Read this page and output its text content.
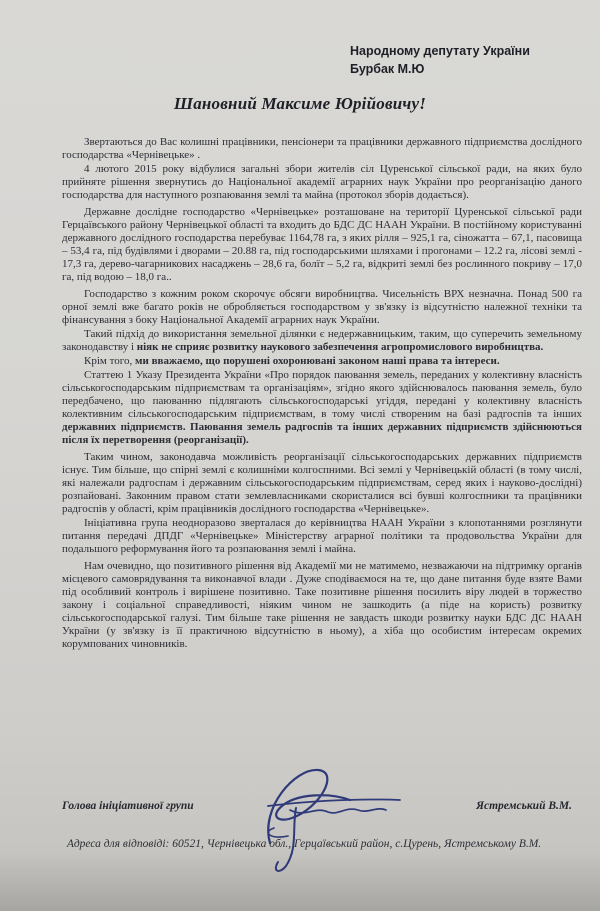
Народному депутату України
Бурбак М.Ю
Шановний Максиме Юрійовичу!

Звертаються до Вас колишні працівники, пенсіонери та працівники державного підприємства дослідного господарства «Чернівецьке» .

4 лютого 2015 року відбулися загальні збори жителів сіл Цуренської сільської ради, на яких було прийняте рішення звернутись до Національної академії аграрних наук України про реорганізацію даного господарства для наступного розпаювання землі та майна (протокол зборів додається).

Державне дослідне господарство «Чернівецьке» розташоване на території Цуренської сільської ради Герцаївського району Чернівецької області та входить до БДС ДС НААН України. В постійному користуванні державного дослідного господарства перебуває 1164,78 га, з яких рілля – 925,1 га, сіножатта – 67,1, пасовища – 53,4 га, під будівлями і дворами – 20.88 га, під господарськими шляхами і прогонами – 12.2 га, лісові землі - 17,3 га, дерево-чагарникових насаджень – 28,6 га, болїт – 5,2 га, відкриті землі без рослинного покриву – 17,0 га, під водою – 18,0 га..

Господарство з кожним роком скорочує обсяги виробництва. Чисельність ВРХ незначна. Понад 500 га орної землі вже багато років не обробляється господарством у зв'язку із відсутністю належної техніки та фінансування з боку Національної Академії аграрних наук України.

Такий підхід до використання земельної ділянки є недержавницьким, таким, що суперечить земельному законодавству і ніяк не сприяє розвитку наукового забезпечення агропромислового виробництва.

Крім того, ми вважаємо, що порушені охоронювані законом наші права та інтереси.

Статтею 1 Указу Президента України «Про порядок паювання земель, переданих у колективну власність сільськогосподарським підприємствам та організаціям», згідно якого здійснювалось паювання земель, було передбачено, що паюванню підлягають сільськогосподарські угіддя, передані у колективну власність колективним сільськогосподарським підприємствам, в тому числі створеним на базі радгоспів та інших державних підприємств. Паювання земель радгоспів та інших державних підприємств здійснюються після їх перетворення (реорганізації).

Таким чином, законодавча можливість реорганізації сільськогосподарських державних підприємств існує. Тим більше, що спірні землі є колишніми колгоспними. Всі землі у Чернівецькій області (в тому числі, які належали радгоспам і державним сільськогосподарським підприємствам, серед яких і науково-дослідні) розпайовані. Законним правом стати землевласниками скористалися всі бувші колгоспники та працівники радгоспів у області, крім працівників дослідного господарства «Чернівецьке».

Ініціативна група неодноразово зверталася до керівництва НААН України з клопотаннями розглянути питання передачі ДПДГ «Чернівецьке» Міністерству аграрної політики та продовольства України для подальшого реформування його та розпаювання землі і майна.

Нам очевидно, що позитивного рішення від Академії ми не матимемо, незважаючи на підтримку органів місцевого самоврядування та виконавчої влади . Дуже сподіваємося на те, що дане питання буде взяте Вами під особливий контроль і вирішене позитивно. Таке позитивне рішення посилить віру людей в торжество закону і соціальної справедливості, ніяким чином не зашкодить (а піде на користь) розвитку сільськогосподарської галузі. Тим більше таке рішення не завдасть шкоди розвитку науки БДС ДС НААН України (у зв'язку із її практичною відсутністю в ньому), а хіба що особистим інтересам окремих корумпованих чиновників.

Голова ініціативної групи	Ястремський В.М.
Адреса для відповіді: 60521, Чернівецька обл., Герцаївський район, с.Цурень, Ястремському В.М.
